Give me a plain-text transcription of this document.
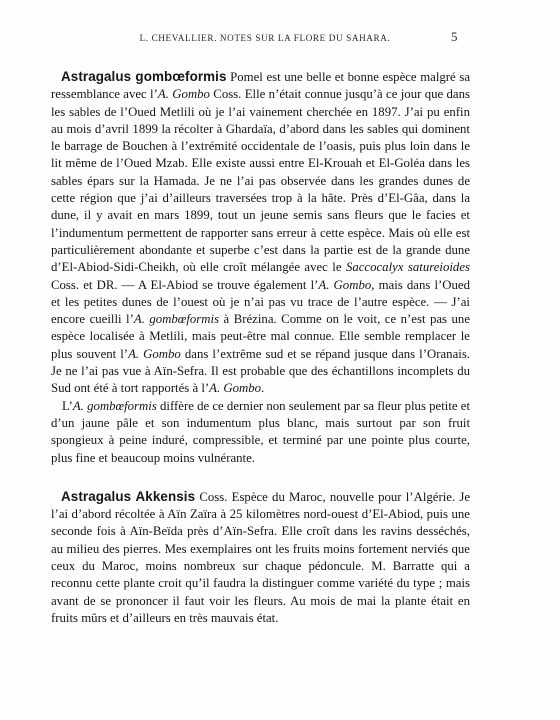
L. CHEVALLIER. NOTES SUR LA FLORE DU SAHARA.	5

Astragalus gombœformis Pomel est une belle et bonne espèce malgré sa ressemblance avec l’A. Gombo Coss. Elle n’était connue jusqu’à ce jour que dans les sables de l’Oued Metlili où je l’ai vainement cherchée en 1897. J’ai pu enfin au mois d’avril 1899 la récolter à Ghardaïa, d’abord dans les sables qui dominent le barrage de Bouchen à l’extrémité occidentale de l’oasis, puis plus loin dans le lit même de l’Oued Mzab. Elle existe aussi entre El-Krouah et El-Goléa dans les sables épars sur la Hamada. Je ne l’ai pas observée dans les grandes dunes de cette région que j’ai d’ailleurs traversées trop à la hâte. Près d’El-Gâa, dans la dune, il y avait en mars 1899, tout un jeune semis sans fleurs que le facies et l’indumentum permettent de rapporter sans erreur à cette espèce. Mais où elle est particulièrement abondante et superbe c’est dans la partie est de la grande dune d’El-Abiod-Sidi-Cheikh, où elle croît mélangée avec le Saccocalyx satureioides Coss. et DR. — A El-Abiod se trouve également l’A. Gombo, mais dans l’Oued et les petites dunes de l’ouest où je n’ai pas vu trace de l’autre espèce. — J’ai encore cueilli l’A. gombœformis à Brézina. Comme on le voit, ce n’est pas une espèce localisée à Metlili, mais peut-être mal connue. Elle semble remplacer le plus souvent l’A. Gombo dans l’extrême sud et se répand jusque dans l’Oranais. Je ne l’ai pas vue à Aïn-Sefra. Il est probable que des échantillons incomplets du Sud ont été à tort rapportés à l’A. Gombo.

L’A. gombœformis diffère de ce dernier non seulement par sa fleur plus petite et d’un jaune pâle et son indumentum plus blanc, mais surtout par son fruit spongieux à peine induré, compressible, et terminé par une pointe plus courte, plus fine et beaucoup moins vulnérante.

Astragalus Akkensis Coss. Espèce du Maroc, nouvelle pour l’Algérie. Je l’ai d’abord récoltée à Aïn Zaïra à 25 kilomètres nord-ouest d’El-Abiod, puis une seconde fois à Aïn-Beïda près d’Aïn-Sefra. Elle croît dans les ravins desséchés, au milieu des pierres. Mes exemplaires ont les fruits moins fortement nerviés que ceux du Maroc, moins nombreux sur chaque pédoncule. M. Barratte qui a reconnu cette plante croit qu’il faudra la distinguer comme variété du type ; mais avant de se prononcer il faut voir les fleurs. Au mois de mai la plante était en fruits mûrs et d’ailleurs en très mauvais état.
